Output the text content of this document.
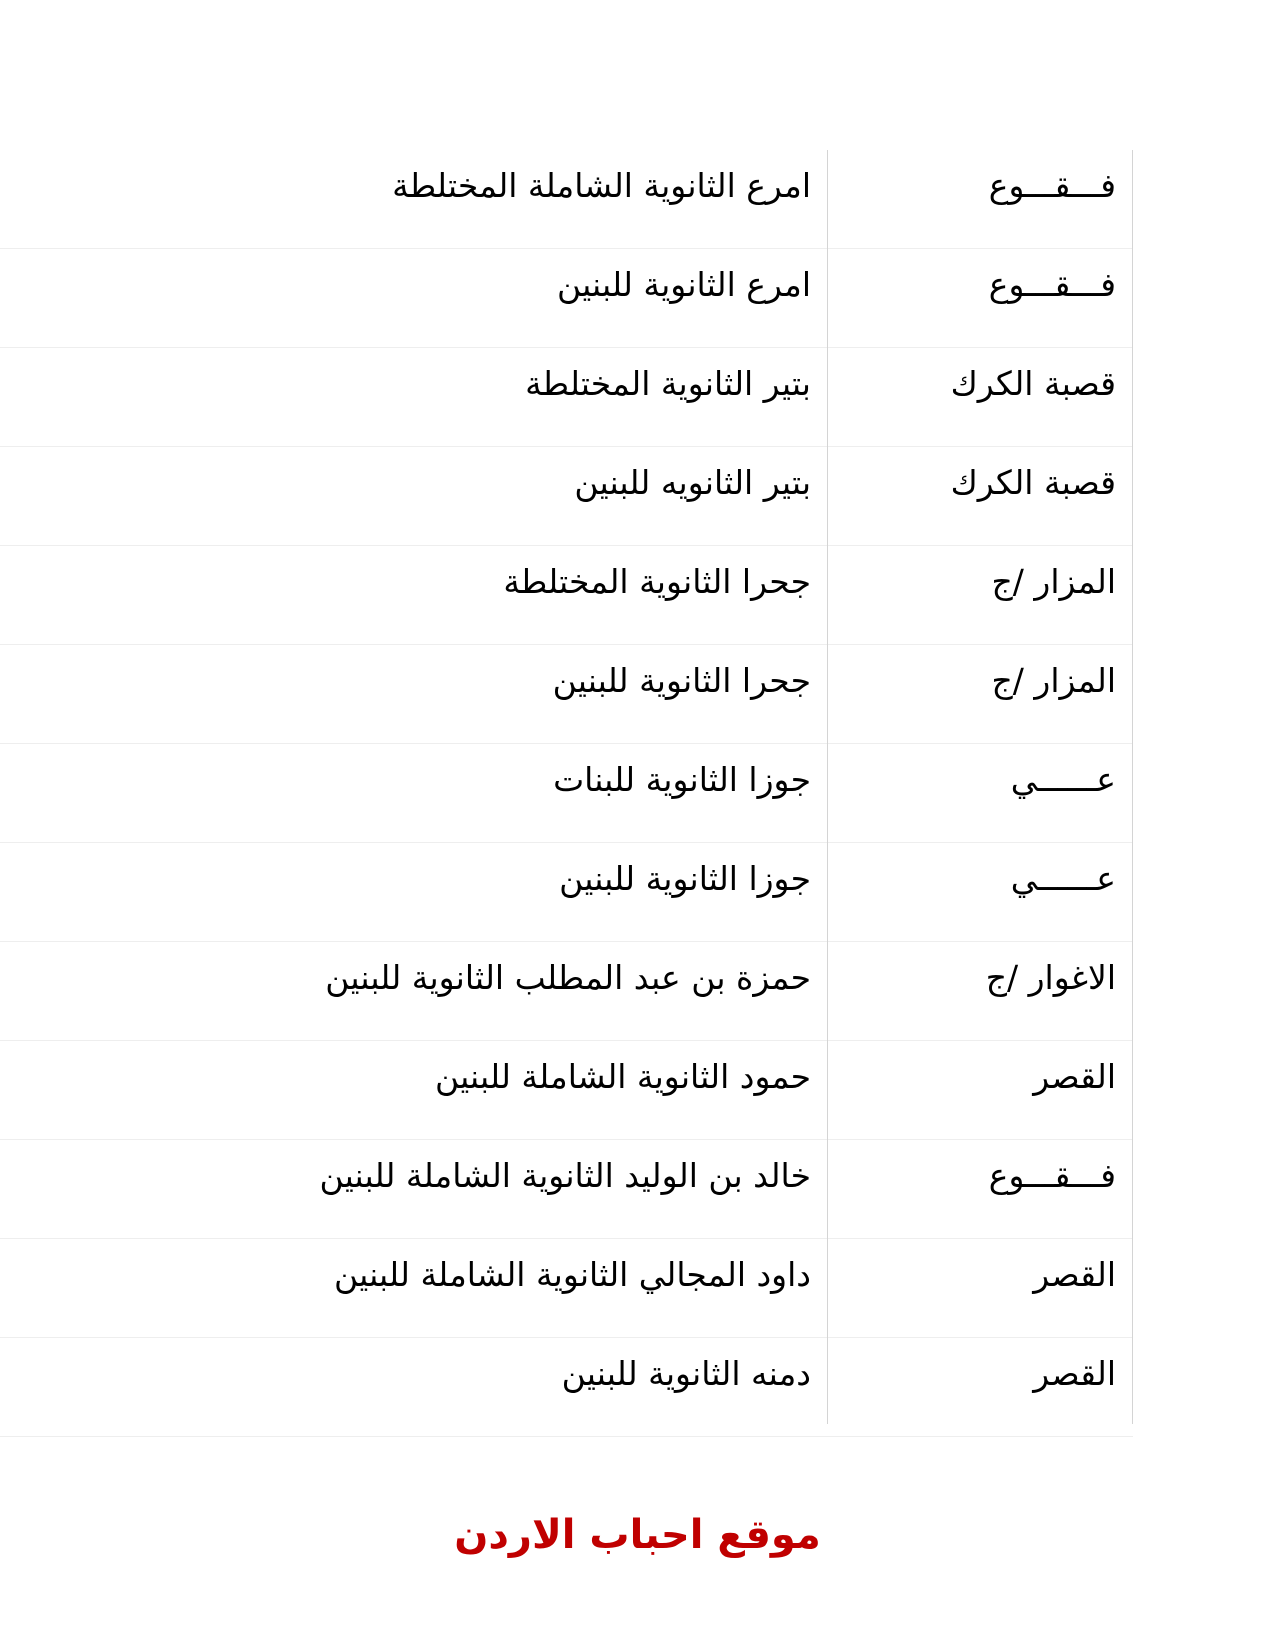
امرع الثانوية الشاملة المختلطة	فـــقـــوع
امرع الثانوية للبنين	فـــقـــوع
بتير الثانوية المختلطة	قصبة الكرك
بتير الثانويه للبنين	قصبة الكرك
جحرا الثانوية المختلطة	المزار /ج
جحرا الثانوية للبنين	المزار /ج
جوزا الثانوية للبنات	عــــــي
جوزا الثانوية للبنين	عــــــي
حمزة بن عبد المطلب الثانوية للبنين	الاغوار /ج
حمود الثانوية الشاملة للبنين	القصر
خالد بن الوليد الثانوية الشاملة للبنين	فـــقـــوع
داود المجالي الثانوية الشاملة للبنين	القصر
دمنه الثانوية للبنين	القصر
موقع احباب الاردن
